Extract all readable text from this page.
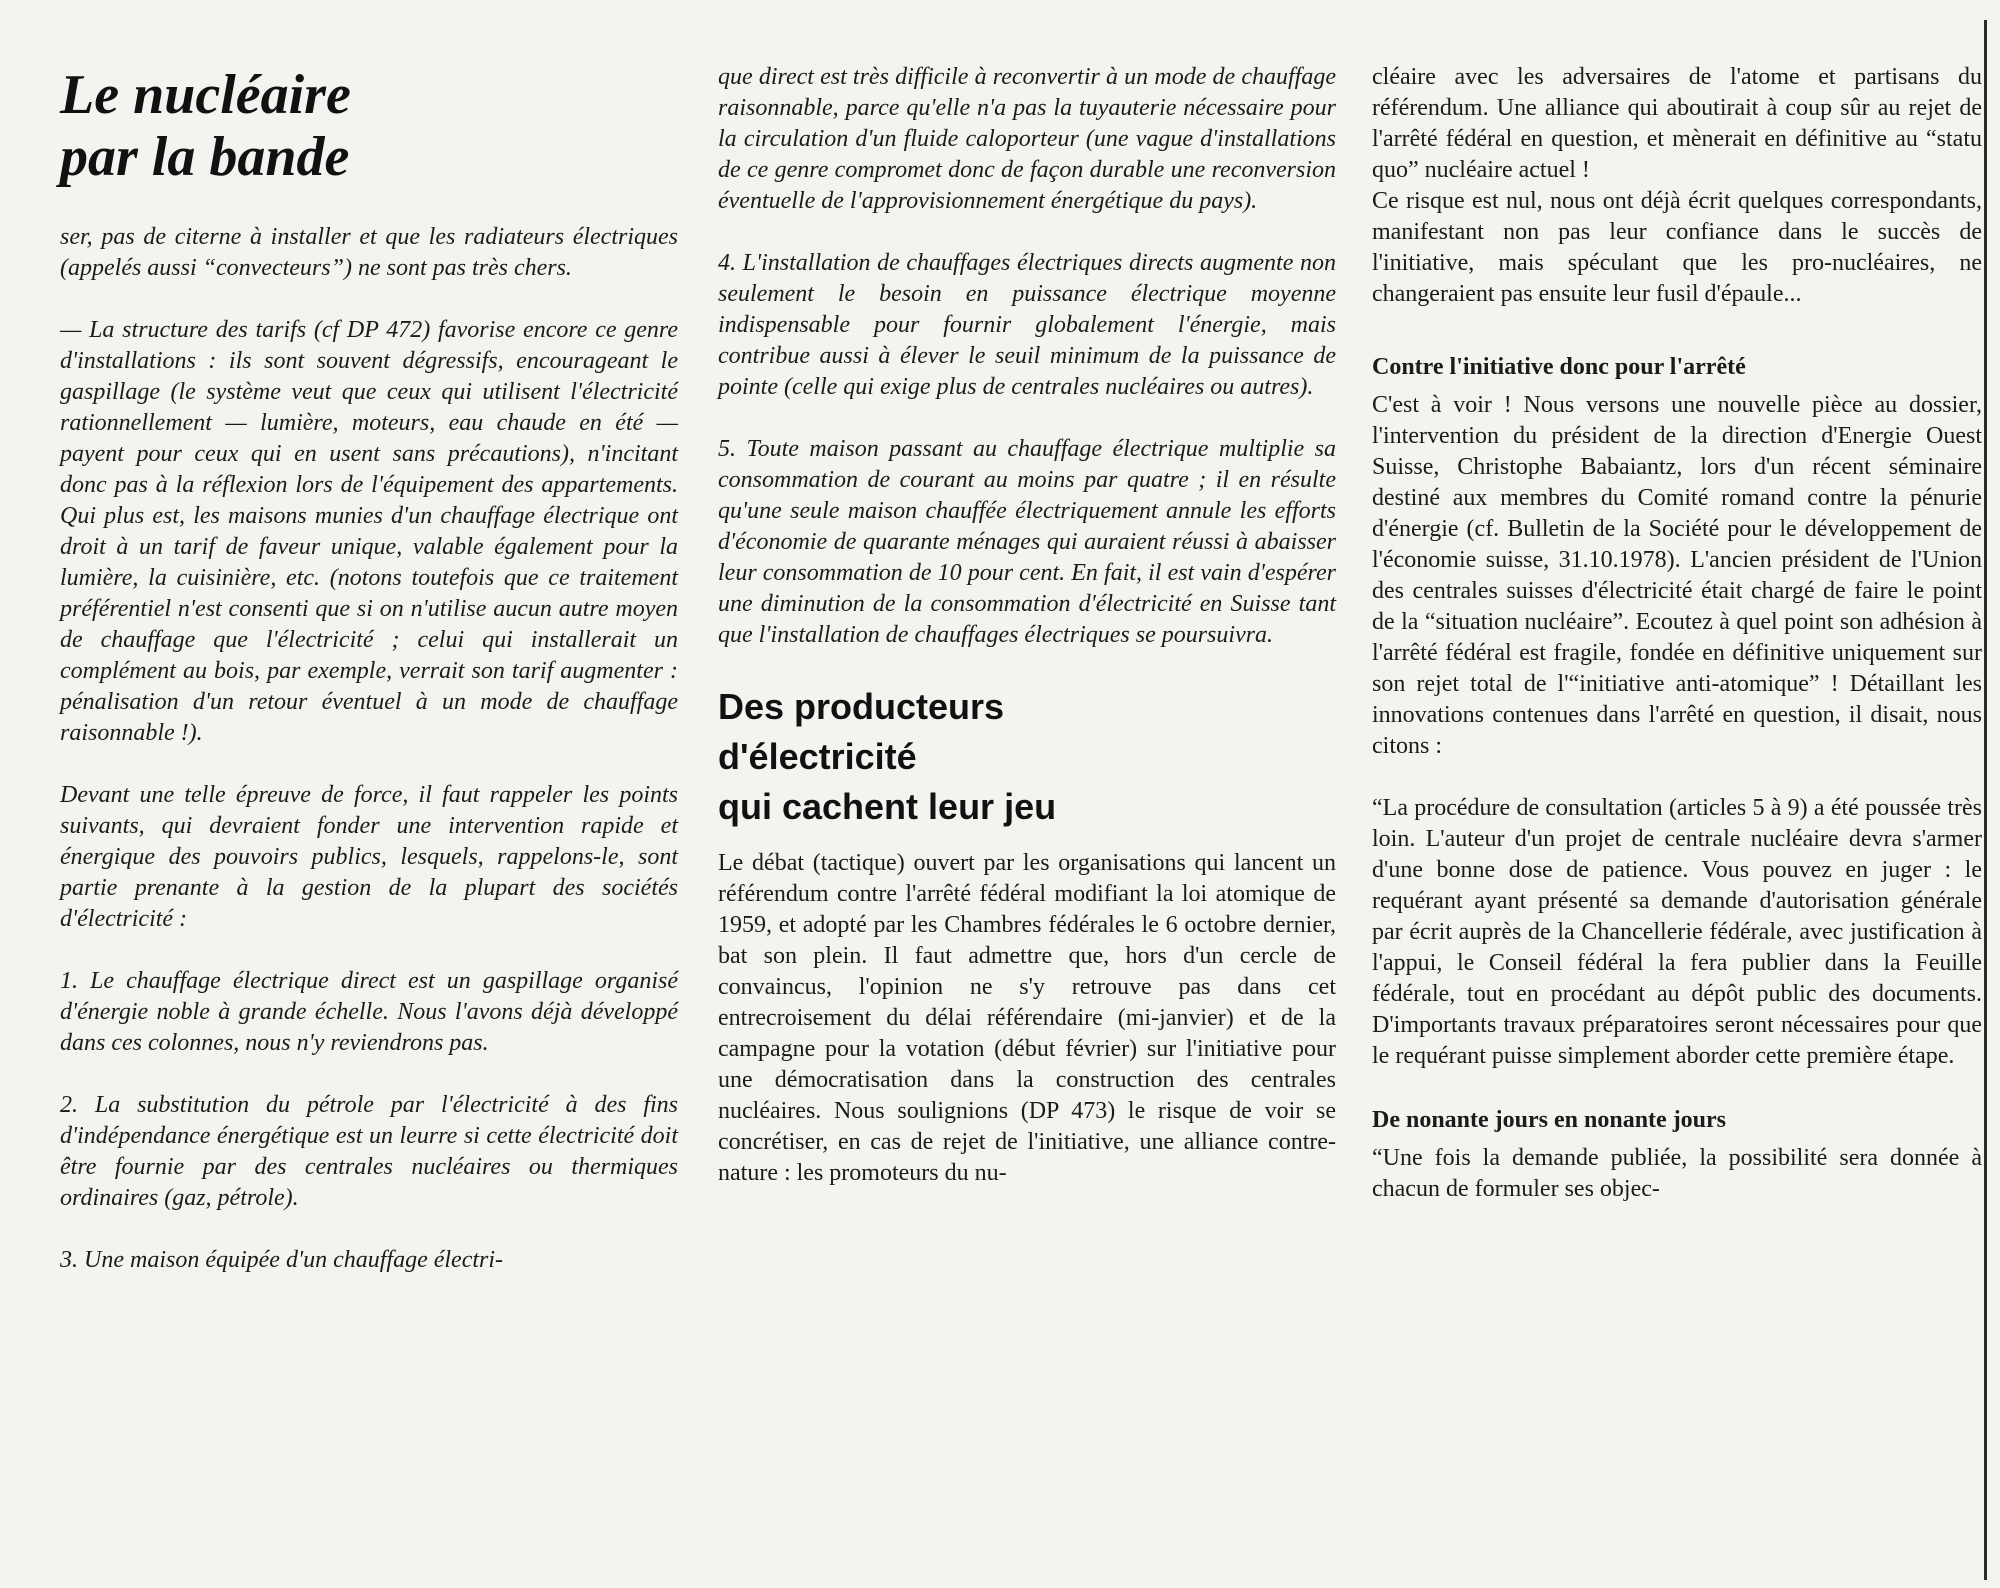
Le nucléaire
par la bande

ser, pas de citerne à installer et que les radiateurs électriques (appelés aussi “convecteurs”) ne sont pas très chers.

— La structure des tarifs (cf DP 472) favorise encore ce genre d'installations : ils sont souvent dégressifs, encourageant le gaspillage (le système veut que ceux qui utilisent l'électricité rationnellement — lumière, moteurs, eau chaude en été — payent pour ceux qui en usent sans précautions), n'incitant donc pas à la réflexion lors de l'équipement des appartements. Qui plus est, les maisons munies d'un chauffage électrique ont droit à un tarif de faveur unique, valable également pour la lumière, la cuisinière, etc. (notons toutefois que ce traitement préférentiel n'est consenti que si on n'utilise aucun autre moyen de chauffage que l'électricité ; celui qui installerait un complément au bois, par exemple, verrait son tarif augmenter : pénalisation d'un retour éventuel à un mode de chauffage raisonnable !).

Devant une telle épreuve de force, il faut rappeler les points suivants, qui devraient fonder une intervention rapide et énergique des pouvoirs publics, lesquels, rappelons-le, sont partie prenante à la gestion de la plupart des sociétés d'électricité :

1. Le chauffage électrique direct est un gaspillage organisé d'énergie noble à grande échelle. Nous l'avons déjà développé dans ces colonnes, nous n'y reviendrons pas.

2. La substitution du pétrole par l'électricité à des fins d'indépendance énergétique est un leurre si cette électricité doit être fournie par des centrales nucléaires ou thermiques ordinaires (gaz, pétrole).

3. Une maison équipée d'un chauffage électri-

que direct est très difficile à reconvertir à un mode de chauffage raisonnable, parce qu'elle n'a pas la tuyauterie nécessaire pour la circulation d'un fluide caloporteur (une vague d'installations de ce genre compromet donc de façon durable une reconversion éventuelle de l'approvisionnement énergétique du pays).

4. L'installation de chauffages électriques directs augmente non seulement le besoin en puissance électrique moyenne indispensable pour fournir globalement l'énergie, mais contribue aussi à élever le seuil minimum de la puissance de pointe (celle qui exige plus de centrales nucléaires ou autres).

5. Toute maison passant au chauffage électrique multiplie sa consommation de courant au moins par quatre ; il en résulte qu'une seule maison chauffée électriquement annule les efforts d'économie de quarante ménages qui auraient réussi à abaisser leur consommation de 10 pour cent. En fait, il est vain d'espérer une diminution de la consommation d'électricité en Suisse tant que l'installation de chauffages électriques se poursuivra.

Des producteurs
d'électricité
qui cachent leur jeu

Le débat (tactique) ouvert par les organisations qui lancent un référendum contre l'arrêté fédéral modifiant la loi atomique de 1959, et adopté par les Chambres fédérales le 6 octobre dernier, bat son plein. Il faut admettre que, hors d'un cercle de convaincus, l'opinion ne s'y retrouve pas dans cet entrecroisement du délai référendaire (mi-janvier) et de la campagne pour la votation (début février) sur l'initiative pour une démocratisation dans la construction des centrales nucléaires. Nous soulignions (DP 473) le risque de voir se concrétiser, en cas de rejet de l'initiative, une alliance contre-nature : les promoteurs du nu-

cléaire avec les adversaires de l'atome et partisans du référendum. Une alliance qui aboutirait à coup sûr au rejet de l'arrêté fédéral en question, et mènerait en définitive au “statu quo” nucléaire actuel !

Ce risque est nul, nous ont déjà écrit quelques correspondants, manifestant non pas leur confiance dans le succès de l'initiative, mais spéculant que les pro-nucléaires, ne changeraient pas ensuite leur fusil d'épaule...

Contre l'initiative donc pour l'arrêté

C'est à voir ! Nous versons une nouvelle pièce au dossier, l'intervention du président de la direction d'Energie Ouest Suisse, Christophe Babaiantz, lors d'un récent séminaire destiné aux membres du Comité romand contre la pénurie d'énergie (cf. Bulletin de la Société pour le développement de l'économie suisse, 31.10.1978). L'ancien président de l'Union des centrales suisses d'électricité était chargé de faire le point de la “situation nucléaire”. Ecoutez à quel point son adhésion à l'arrêté fédéral est fragile, fondée en définitive uniquement sur son rejet total de l'“initiative anti-atomique” ! Détaillant les innovations contenues dans l'arrêté en question, il disait, nous citons :

“La procédure de consultation (articles 5 à 9) a été poussée très loin. L'auteur d'un projet de centrale nucléaire devra s'armer d'une bonne dose de patience. Vous pouvez en juger : le requérant ayant présenté sa demande d'autorisation générale par écrit auprès de la Chancellerie fédérale, avec justification à l'appui, le Conseil fédéral la fera publier dans la Feuille fédérale, tout en procédant au dépôt public des documents. D'importants travaux préparatoires seront nécessaires pour que le requérant puisse simplement aborder cette première étape.

De nonante jours en nonante jours

“Une fois la demande publiée, la possibilité sera donnée à chacun de formuler ses objec-
